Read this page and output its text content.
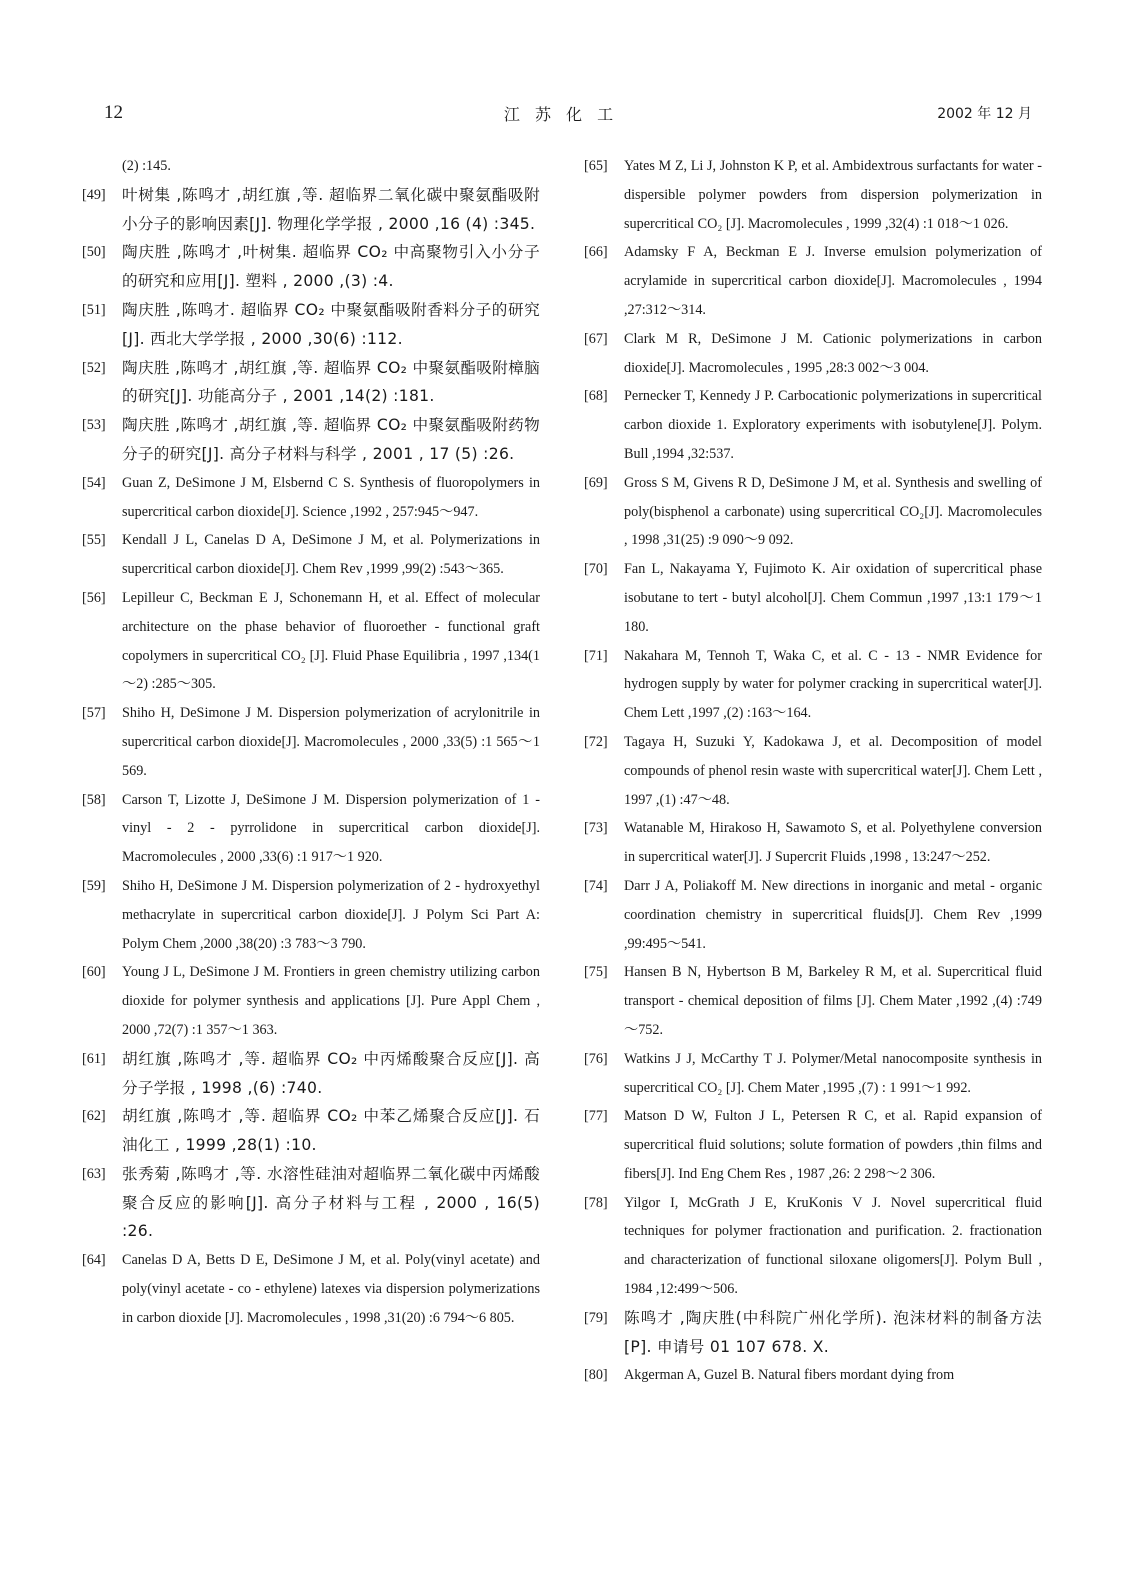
12	江 苏 化 工	2002 年 12 月
(2) :145.
[49] 叶树集 ,陈鸣才 ,胡红旗 ,等. 超临界二氧化碳中聚氨酯吸附小分子的影响因素[J]. 物理化学学报 , 2000 ,16 (4) :345.
[50] 陶庆胜 ,陈鸣才 ,叶树集. 超临界 CO₂ 中高聚物引入小分子的研究和应用[J]. 塑料 , 2000 ,(3) :4.
[51] 陶庆胜 ,陈鸣才. 超临界 CO₂ 中聚氨酯吸附香料分子的研究[J]. 西北大学学报 , 2000 ,30(6) :112.
[52] 陶庆胜 ,陈鸣才 ,胡红旗 ,等. 超临界 CO₂ 中聚氨酯吸附樟脑的研究[J]. 功能高分子 , 2001 ,14(2) :181.
[53] 陶庆胜 ,陈鸣才 ,胡红旗 ,等. 超临界 CO₂ 中聚氨酯吸附药物分子的研究[J]. 高分子材料与科学 , 2001 , 17 (5) :26.
[54] Guan Z, DeSimone J M, Elsbernd C S. Synthesis of fluoropolymers in supercritical carbon dioxide[J]. Science ,1992 , 257:945～947.
[55] Kendall J L, Canelas D A, DeSimone J M, et al. Polymerizations in supercritical carbon dioxide[J]. Chem Rev ,1999 ,99(2) :543～365.
[56] Lepilleur C, Beckman E J, Schonemann H, et al. Effect of molecular architecture on the phase behavior of fluoroether - functional graft copolymers in supercritical CO₂ [J]. Fluid Phase Equilibria , 1997 ,134(1～2) :285～305.
[57] Shiho H, DeSimone J M. Dispersion polymerization of acrylonitrile in supercritical carbon dioxide[J]. Macromolecules , 2000 ,33(5) :1 565～1 569.
[58] Carson T, Lizotte J, DeSimone J M. Dispersion polymerization of 1 - vinyl - 2 - pyrrolidone in supercritical carbon dioxide[J]. Macromolecules , 2000 ,33(6) :1 917～1 920.
[59] Shiho H, DeSimone J M. Dispersion polymerization of 2 - hydroxyethyl methacrylate in supercritical carbon dioxide[J]. J Polym Sci Part A: Polym Chem ,2000 ,38(20) :3 783～3 790.
[60] Young J L, DeSimone J M. Frontiers in green chemistry utilizing carbon dioxide for polymer synthesis and applications [J]. Pure Appl Chem , 2000 ,72(7) :1 357～1 363.
[61] 胡红旗 ,陈鸣才 ,等. 超临界 CO₂ 中丙烯酸聚合反应[J]. 高分子学报 , 1998 ,(6) :740.
[62] 胡红旗 ,陈鸣才 ,等. 超临界 CO₂ 中苯乙烯聚合反应[J]. 石油化工 , 1999 ,28(1) :10.
[63] 张秀菊 ,陈鸣才 ,等. 水溶性硅油对超临界二氧化碳中丙烯酸聚合反应的影响[J]. 高分子材料与工程 , 2000 , 16(5) :26.
[64] Canelas D A, Betts D E, DeSimone J M, et al. Poly(vinyl acetate) and poly(vinyl acetate - co - ethylene) latexes via dispersion polymerizations in carbon dioxide [J]. Macromolecules , 1998 ,31(20) :6 794～6 805.
[65] Yates M Z, Li J, Johnston K P, et al. Ambidextrous surfactants for water - dispersible polymer powders from dispersion polymerization in supercritical CO₂ [J]. Macromolecules , 1999 ,32(4) :1 018～1 026.
[66] Adamsky F A, Beckman E J. Inverse emulsion polymerization of acrylamide in supercritical carbon dioxide[J]. Macromolecules , 1994 ,27:312～314.
[67] Clark M R, DeSimone J M. Cationic polymerizations in carbon dioxide[J]. Macromolecules , 1995 ,28:3 002～3 004.
[68] Pernecker T, Kennedy J P. Carbocationic polymerizations in supercritical carbon dioxide 1. Exploratory experiments with isobutylene[J]. Polym. Bull ,1994 ,32:537.
[69] Gross S M, Givens R D, DeSimone J M, et al. Synthesis and swelling of poly(bisphenol a carbonate) using supercritical CO₂[J]. Macromolecules , 1998 ,31(25) :9 090～9 092.
[70] Fan L, Nakayama Y, Fujimoto K. Air oxidation of supercritical phase isobutane to tert - butyl alcohol[J]. Chem Commun ,1997 ,13:1 179～1 180.
[71] Nakahara M, Tennoh T, Waka C, et al. C - 13 - NMR Evidence for hydrogen supply by water for polymer cracking in supercritical water[J]. Chem Lett ,1997 ,(2) :163～164.
[72] Tagaya H, Suzuki Y, Kadokawa J, et al. Decomposition of model compounds of phenol resin waste with supercritical water[J]. Chem Lett , 1997 ,(1) :47～48.
[73] Watanable M, Hirakoso H, Sawamoto S, et al. Polyethylene conversion in supercritical water[J]. J Supercrit Fluids ,1998 , 13:247～252.
[74] Darr J A, Poliakoff M. New directions in inorganic and metal - organic coordination chemistry in supercritical fluids[J]. Chem Rev ,1999 ,99:495～541.
[75] Hansen B N, Hybertson B M, Barkeley R M, et al. Supercritical fluid transport - chemical deposition of films [J]. Chem Mater ,1992 ,(4) :749～752.
[76] Watkins J J, McCarthy T J. Polymer/Metal nanocomposite synthesis in supercritical CO₂ [J]. Chem Mater ,1995 ,(7) : 1 991～1 992.
[77] Matson D W, Fulton J L, Petersen R C, et al. Rapid expansion of supercritical fluid solutions; solute formation of powders ,thin films and fibers[J]. Ind Eng Chem Res , 1987 ,26: 2 298～2 306.
[78] Yilgor I, McGrath J E, KruKonis V J. Novel supercritical fluid techniques for polymer fractionation and purification. 2. fractionation and characterization of functional siloxane oligomers[J]. Polym Bull , 1984 ,12:499～506.
[79] 陈鸣才 ,陶庆胜(中科院广州化学所). 泡沫材料的制备方法[P]. 申请号 01 107 678. X.
[80] Akgerman A, Guzel B. Natural fibers mordant dying from
